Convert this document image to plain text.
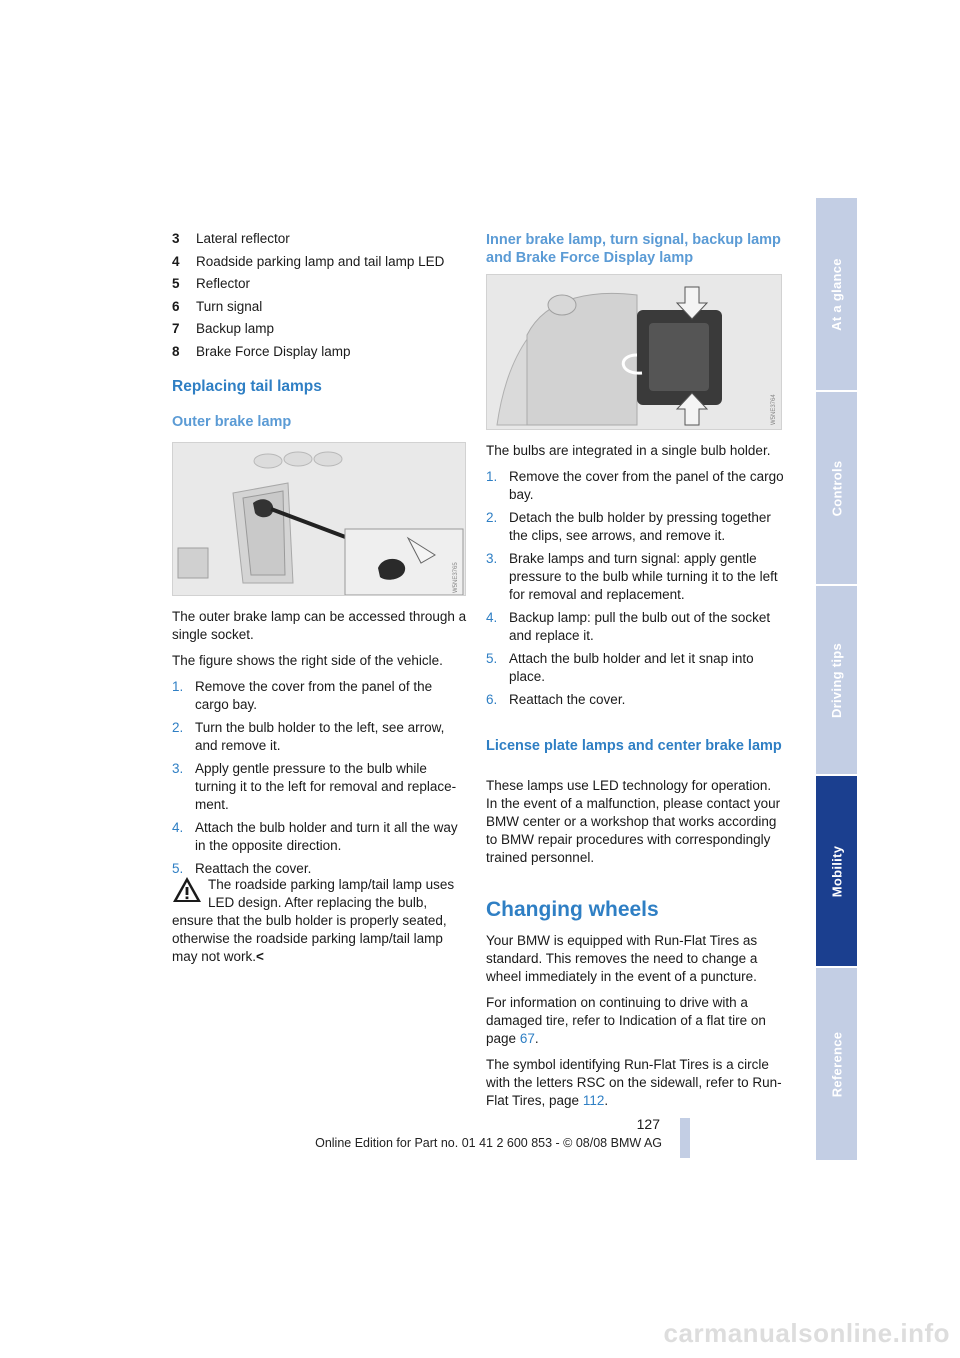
At a glance
Controls
Driving tips
Mobility
Reference
3 Lateral reflector
4 Roadside parking lamp and tail lamp LED
5 Reflector
6 Turn signal
7 Backup lamp
8 Brake Force Display lamp
Replacing tail lamps
Outer brake lamp
W5NE3765

The outer brake lamp can be accessed through a single socket.

The figure shows the right side of the vehicle.

1. Remove the cover from the panel of the cargo bay.
2. Turn the bulb holder to the left, see arrow, and remove it.
3. Apply gentle pressure to the bulb while turning it to the left for removal and replacement.
4. Attach the bulb holder and turn it all the way in the opposite direction.
5. Reattach the cover.
The roadside parking lamp/tail lamp uses LED design. After replacing the bulb,
ensure that the bulb holder is properly seated, otherwise the roadside parking lamp/tail lamp may not work.<
Inner brake lamp, turn signal, backup lamp and Brake Force Display lamp
W5NE3764

The bulbs are integrated in a single bulb holder.

1. Remove the cover from the panel of the cargo bay.
2. Detach the bulb holder by pressing together the clips, see arrows, and remove it.
3. Brake lamps and turn signal: apply gentle pressure to the bulb while turning it to the left for removal and replacement.
4. Backup lamp: pull the bulb out of the socket and replace it.
5. Attach the bulb holder and let it snap into place.
6. Reattach the cover.
License plate lamps and center brake lamp

These lamps use LED technology for operation. In the event of a malfunction, please contact your BMW center or a workshop that works according to BMW repair procedures with correspondingly trained personnel.

Changing wheels

Your BMW is equipped with Run-Flat Tires as standard. This removes the need to change a wheel immediately in the event of a puncture.

For information on continuing to drive with a damaged tire, refer to Indication of a flat tire on page 67.

The symbol identifying Run-Flat Tires is a circle with the letters RSC on the sidewall, refer to Run-Flat Tires, page 112.

127
Online Edition for Part no. 01 41 2 600 853 - © 08/08 BMW AG
carmanualsonline.info
